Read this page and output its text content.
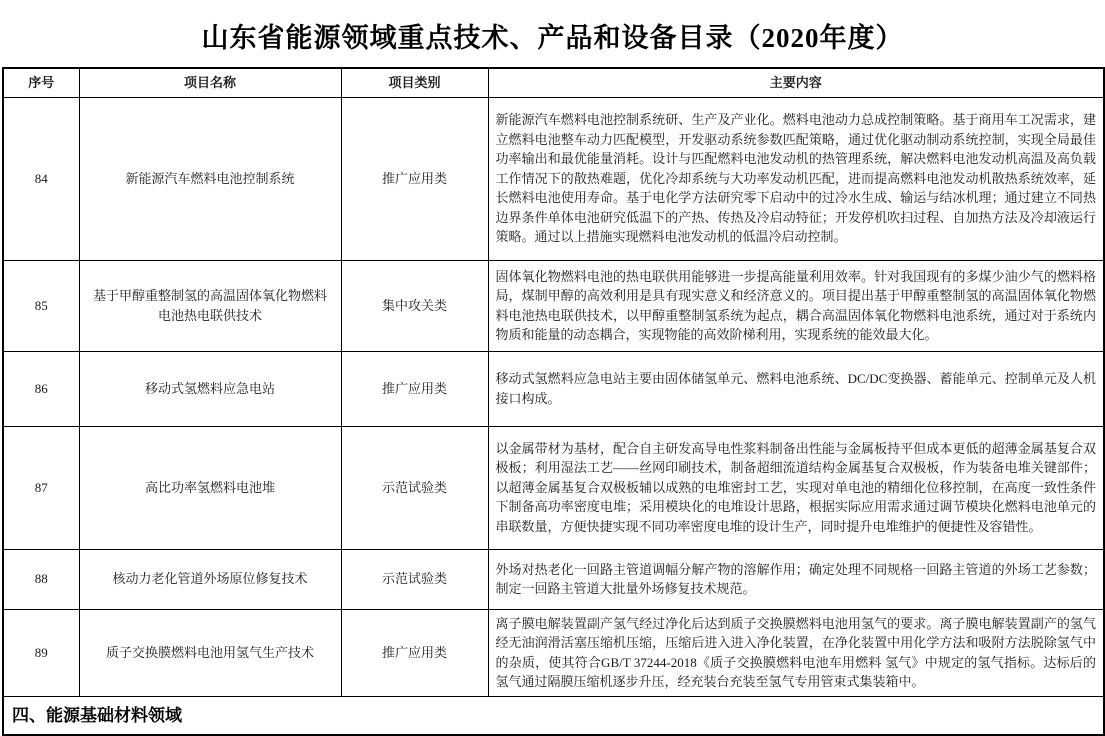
山东省能源领域重点技术、产品和设备目录（2020年度）
序号	项目名称	项目类别	主要内容
84	新能源汽车燃料电池控制系统	推广应用类	新能源汽车燃料电池控制系统研、生产及产业化。燃料电池动力总成控制策略。基于商用车工况需求，建立燃料电池整车动力匹配模型，开发驱动系统参数匹配策略，通过优化驱动制动系统控制，实现全局最佳功率输出和最优能量消耗。设计与匹配燃料电池发动机的热管理系统，解决燃料电池发动机高温及高负载工作情况下的散热难题，优化冷却系统与大功率发动机匹配，进而提高燃料电池发动机散热系统效率，延长燃料电池使用寿命。基于电化学方法研究零下启动中的过冷水生成、输运与结冰机理；通过建立不同热边界条件单体电池研究低温下的产热、传热及冷启动特征；开发停机吹扫过程、自加热方法及冷却液运行策略。通过以上措施实现燃料电池发动机的低温冷启动控制。
85	基于甲醇重整制氢的高温固体氧化物燃料电池热电联供技术	集中攻关类	固体氧化物燃料电池的热电联供用能够进一步提高能量利用效率。针对我国现有的多煤少油少气的燃料格局，煤制甲醇的高效利用是具有现实意义和经济意义的。项目提出基于甲醇重整制氢的高温固体氧化物燃料电池热电联供技术，以甲醇重整制氢系统为起点，耦合高温固体氧化物燃料电池系统，通过对于系统内物质和能量的动态耦合，实现物能的高效阶梯利用，实现系统的能效最大化。
86	移动式氢燃料应急电站	推广应用类	移动式氢燃料应急电站主要由固体储氢单元、燃料电池系统、DC/DC变换器、蓄能单元、控制单元及人机接口构成。
87	高比功率氢燃料电池堆	示范试验类	以金属带材为基材，配合自主研发高导电性浆料制备出性能与金属板持平但成本更低的超薄金属基复合双极板；利用湿法工艺——丝网印刷技术，制备超细流道结构金属基复合双极板，作为装备电堆关键部件；以超薄金属基复合双极板辅以成熟的电堆密封工艺，实现对单电池的精细化位移控制，在高度一致性条件下制备高功率密度电堆；采用模块化的电堆设计思路，根据实际应用需求通过调节模块化燃料电池单元的串联数量，方便快捷实现不同功率密度电堆的设计生产，同时提升电堆维护的便捷性及容错性。
88	核动力老化管道外场原位修复技术	示范试验类	外场对热老化一回路主管道调幅分解产物的溶解作用；确定处理不同规格一回路主管道的外场工艺参数；制定一回路主管道大批量外场修复技术规范。
89	质子交换膜燃料电池用氢气生产技术	推广应用类	离子膜电解装置副产氢气经过净化后达到质子交换膜燃料电池用氢气的要求。离子膜电解装置副产的氢气经无油润滑活塞压缩机压缩，压缩后进入进入净化装置，在净化装置中用化学方法和吸附方法脱除氢气中的杂质，使其符合GB/T 37244-2018《质子交换膜燃料电池车用燃料 氢气》中规定的氢气指标。达标后的氢气通过隔膜压缩机逐步升压，经充装台充装至氢气专用管束式集装箱中。
四、能源基础材料领域			
